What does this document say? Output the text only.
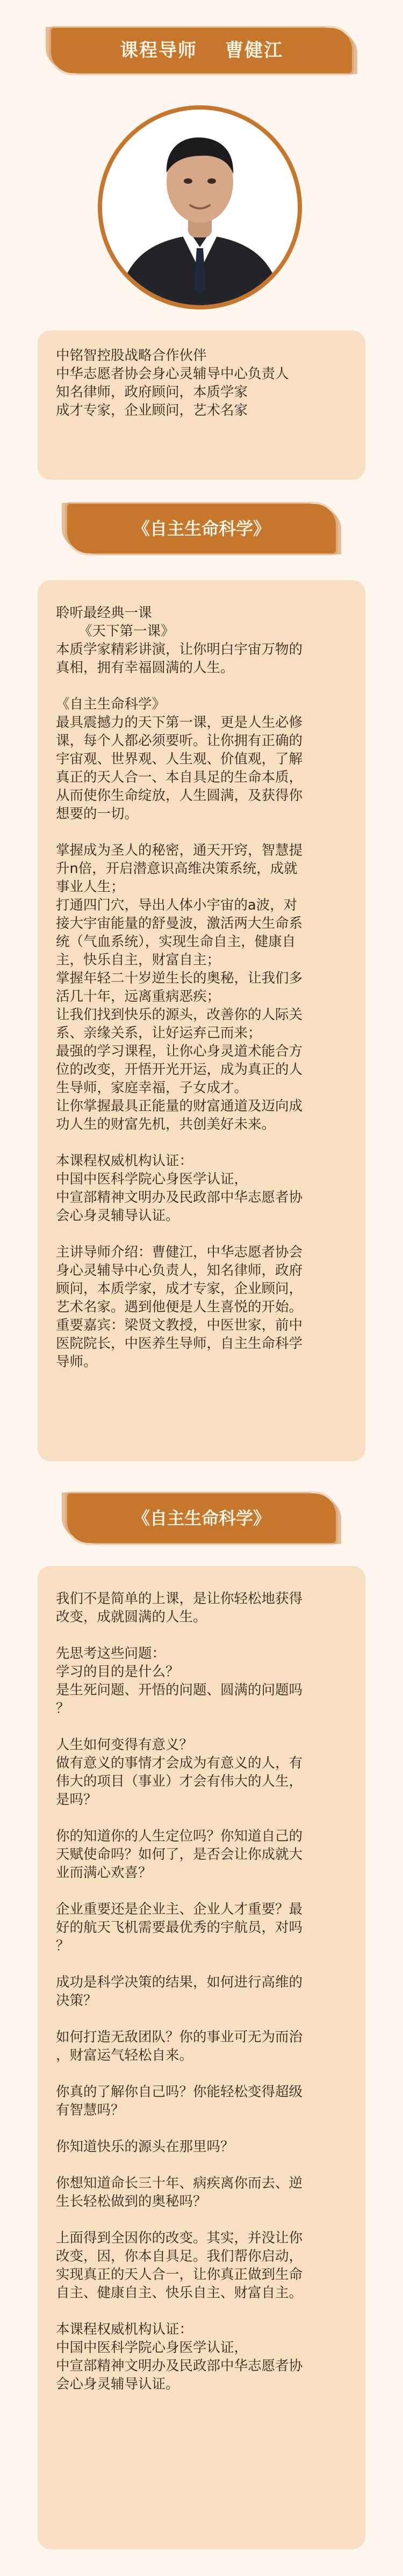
课程导师 曹健江
中铭智控股战略合作伙伴
中华志愿者协会身心灵辅导中心负责人
知名律师，政府顾问，本质学家
成才专家，企业顾问，艺术名家
《自主生命科学》
聆听最经典一课
《天下第一课》
本质学家精彩讲演，让你明白宇宙万物的
真相，拥有幸福圆满的人生。
《自主生命科学》
最具震撼力的天下第一课，更是人生必修
课，每个人都必须要听。让你拥有正确的
宇宙观、世界观、人生观、价值观，了解
真正的天人合一、本自具足的生命本质，
从而使你生命绽放，人生圆满，及获得你
想要的一切。
掌握成为圣人的秘密，通天开窍，智慧提
升n倍，开启潜意识高维决策系统，成就
事业人生；
打通四门穴，导出人体小宇宙的a波，对
接大宇宙能量的舒曼波，激活两大生命系
统（气血系统），实现生命自主，健康自
主，快乐自主，财富自主；
掌握年轻二十岁逆生长的奥秘，让我们多
活几十年，远离重病恶疾；
让我们找到快乐的源头，改善你的人际关
系、亲缘关系，让好运弃己而来；
最强的学习课程，让你心身灵道术能合方
位的改变，开悟开光开运，成为真正的人
生导师，家庭幸福，子女成才。
让你掌握最具正能量的财富通道及迈向成
功人生的财富先机，共创美好未来。
本课程权威机构认证：
中国中医科学院心身医学认证，
中宣部精神文明办及民政部中华志愿者协
会心身灵辅导认证。
主讲导师介绍：曹健江，中华志愿者协会
身心灵辅导中心负责人，知名律师，政府
顾问，本质学家，成才专家，企业顾问，
艺术名家。遇到他便是人生喜悦的开始。
重要嘉宾：梁贤文教授，中医世家，前中
医院院长，中医养生导师，自主生命科学
导师。
《自主生命科学》
我们不是简单的上课，是让你轻松地获得
改变，成就圆满的人生。
先思考这些问题：
学习的目的是什么？
是生死问题、开悟的问题、圆满的问题吗
？
人生如何变得有意义？
做有意义的事情才会成为有意义的人，有
伟大的项目（事业）才会有伟大的人生，
是吗？
你的知道你的人生定位吗？你知道自己的
天赋使命吗？如何了，是否会让你成就大
业而满心欢喜？
企业重要还是企业主、企业人才重要？最
好的航天飞机需要最优秀的宇航员，对吗
？
成功是科学决策的结果，如何进行高维的
决策？
如何打造无敌团队？你的事业可无为而治
，财富运气轻松自来。
你真的了解你自己吗？你能轻松变得超级
有智慧吗？
你知道快乐的源头在那里吗？
你想知道命长三十年、病疾离你而去、逆
生长轻松做到的奥秘吗？
上面得到全因你的改变。其实，并没让你
改变，因，你本自具足。我们帮你启动，
实现真正的天人合一，让你真正做到生命
自主、健康自主、快乐自主、财富自主。
本课程权威机构认证：
中国中医科学院心身医学认证，
中宣部精神文明办及民政部中华志愿者协
会心身灵辅导认证。
